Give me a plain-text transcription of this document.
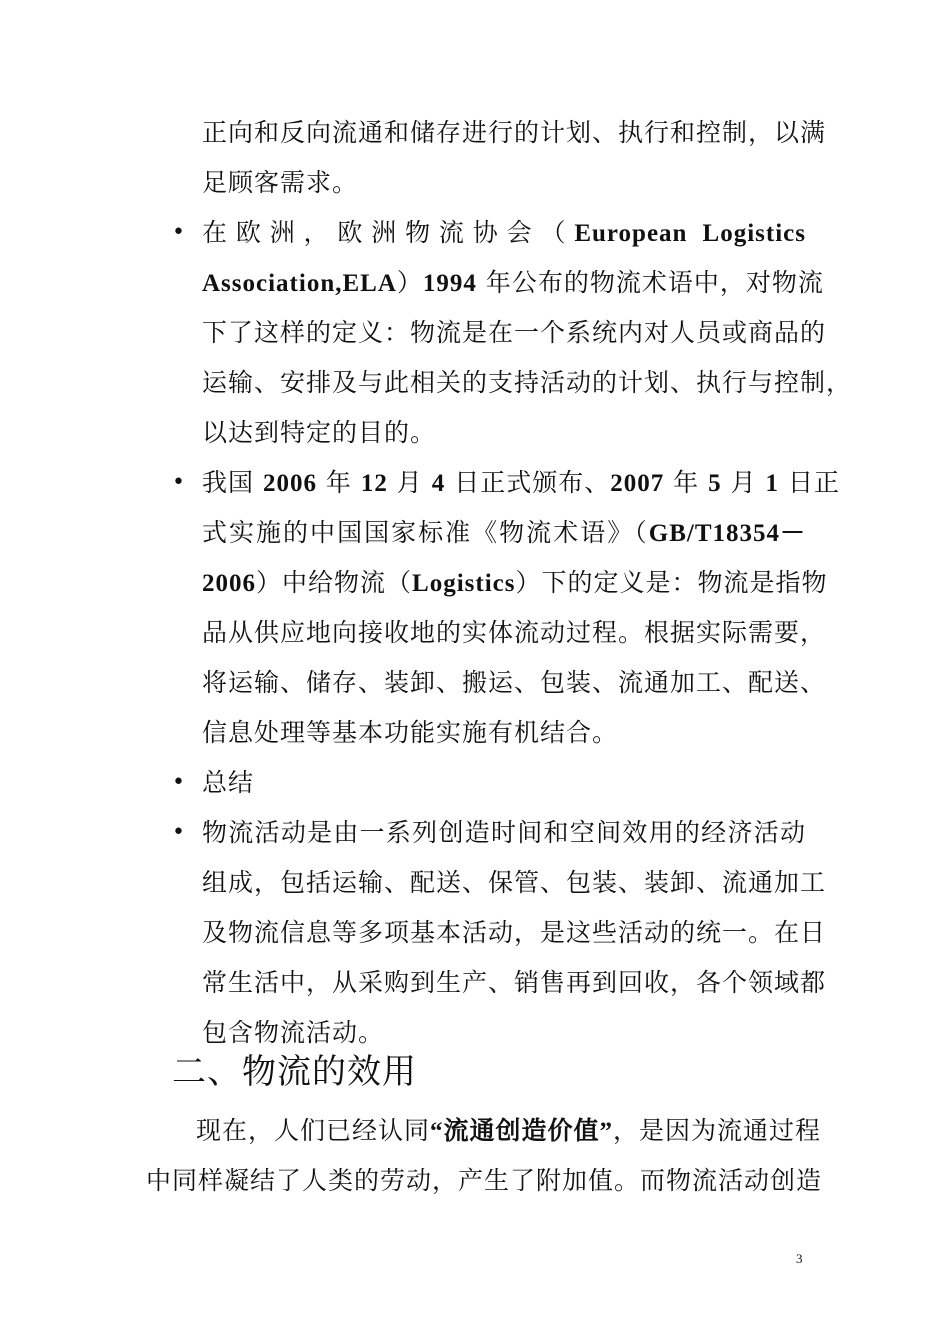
正向和反向流通和储存进行的计划、执行和控制，以满
足顾客需求。
• 在欧洲，欧洲物流协会（European Logistics
Association,ELA）1994 年公布的物流术语中，对物流
下了这样的定义：物流是在一个系统内对人员或商品的
运输、安排及与此相关的支持活动的计划、执行与控制，
以达到特定的目的。
• 我国 2006 年 12 月 4 日正式颁布、2007 年 5 月 1 日正
式实施的中国国家标准《物流术语》（GB/T18354－
2006）中给物流（Logistics）下的定义是：物流是指物
品从供应地向接收地的实体流动过程。根据实际需要，
将运输、储存、装卸、搬运、包装、流通加工、配送、
信息处理等基本功能实施有机结合。
• 总结
• 物流活动是由一系列创造时间和空间效用的经济活动
组成，包括运输、配送、保管、包装、装卸、流通加工
及物流信息等多项基本活动，是这些活动的统一。在日
常生活中，从采购到生产、销售再到回收，各个领域都
包含物流活动。
二、物流的效用
现在，人们已经认同“流通创造价值”，是因为流通过程
中同样凝结了人类的劳动，产生了附加值。而物流活动创造
3
